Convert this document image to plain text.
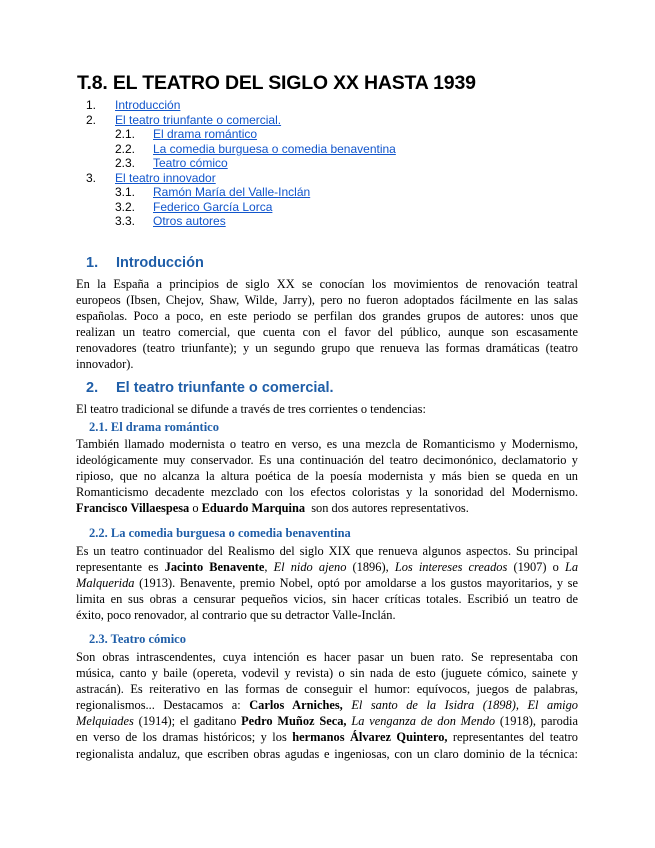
T.8. EL TEATRO DEL SIGLO XX HASTA 1939
1. Introducción
2. El teatro triunfante o comercial.
2.1. El drama romántico
2.2. La comedia burguesa o comedia benaventina
2.3. Teatro cómico
3. El teatro innovador
3.1. Ramón María del Valle-Inclán
3.2. Federico García Lorca
3.3. Otros autores
1. Introducción
En la España a principios de siglo XX se conocían los movimientos de renovación teatral
europeos (Ibsen, Chejov, Shaw, Wilde, Jarry), pero no fueron adoptados fácilmente en las salas
españolas. Poco a poco, en este periodo se perfilan dos grandes grupos de autores: unos que
realizan un teatro comercial, que cuenta con el favor del público, aunque son escasamente
renovadores (teatro triunfante); y un segundo grupo que renueva las formas dramáticas (teatro
innovador).
2. El teatro triunfante o comercial.

El teatro tradicional se difunde a través de tres corrientes o tendencias:

2.1. El drama romántico
También llamado modernista o teatro en verso, es una mezcla de Romanticismo y Modernismo,
ideológicamente muy conservador. Es una continuación del teatro decimonónico, declamatorio y
ripioso, que no alcanza la altura poética de la poesía modernista y más bien se queda en un
Romanticismo decadente mezclado con los efectos coloristas y la sonoridad del Modernismo.
Francisco Villaespesa o Eduardo Marquina  son dos autores representativos.
2.2. La comedia burguesa o comedia benaventina
Es un teatro continuador del Realismo del siglo XIX que renueva algunos aspectos. Su principal
representante es Jacinto Benavente, El nido ajeno (1896), Los intereses creados (1907) o La
Malquerida (1913). Benavente, premio Nobel, optó por amoldarse a los gustos mayoritarios, y se
limita en sus obras a censurar pequeños vicios, sin hacer críticas totales. Escribió un teatro de
éxito, poco renovador, al contrario que su detractor Valle-Inclán.
2.3. Teatro cómico
Son obras intrascendentes, cuya intención es hacer pasar un buen rato. Se representaba con
música, canto y baile (opereta, vodevil y revista) o sin nada de esto (juguete cómico, sainete y
astracán). Es reiterativo en las formas de conseguir el humor: equívocos, juegos de palabras,
regionalismos... Destacamos a: Carlos Arniches, El santo de la Isidra (1898), El amigo
Melquiades (1914); el gaditano Pedro Muñoz Seca, La venganza de don Mendo (1918), parodia
en verso de los dramas históricos; y los hermanos Álvarez Quintero, representantes del teatro
regionalista andaluz, que escriben obras agudas e ingeniosas, con un claro dominio de la técnica:
